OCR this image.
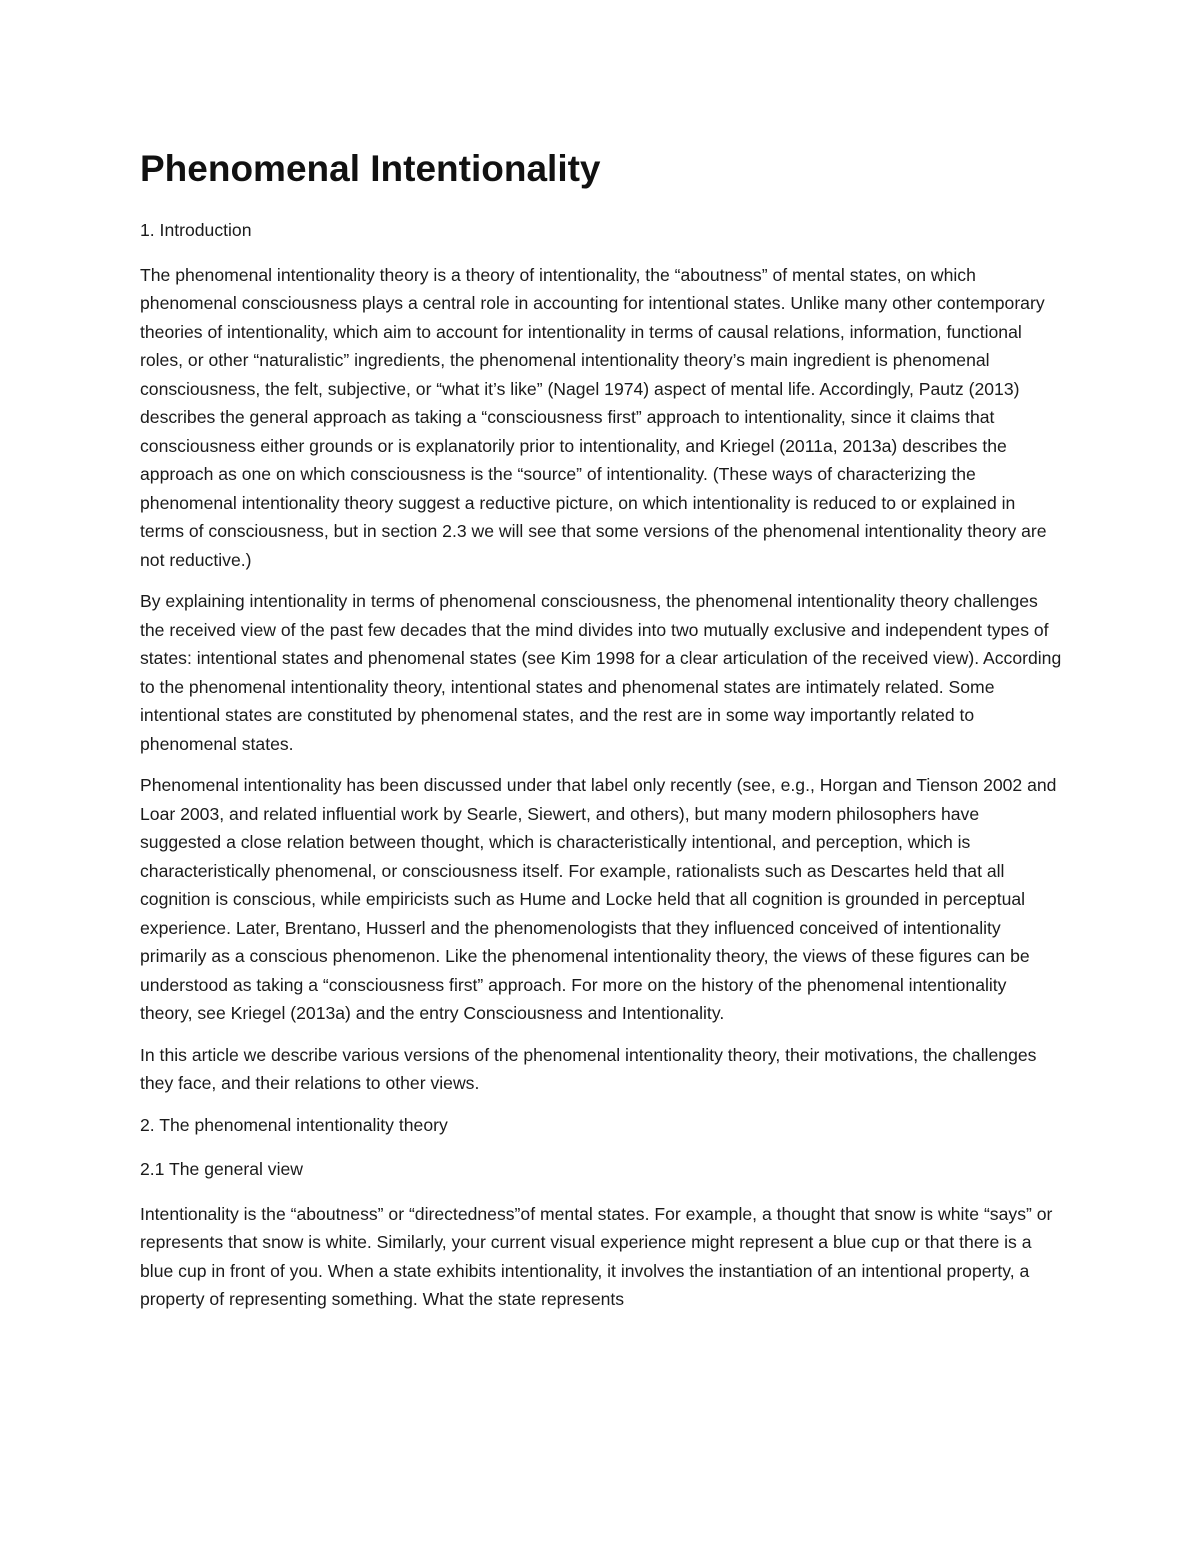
Phenomenal Intentionality
1. Introduction

The phenomenal intentionality theory is a theory of intentionality, the “aboutness” of mental states, on which phenomenal consciousness plays a central role in accounting for intentional states. Unlike many other contemporary theories of intentionality, which aim to account for intentionality in terms of causal relations, information, functional roles, or other “naturalistic” ingredients, the phenomenal intentionality theory’s main ingredient is phenomenal consciousness, the felt, subjective, or “what it’s like” (Nagel 1974) aspect of mental life. Accordingly, Pautz (2013) describes the general approach as taking a “consciousness first” approach to intentionality, since it claims that consciousness either grounds or is explanatorily prior to intentionality, and Kriegel (2011a, 2013a) describes the approach as one on which consciousness is the “source” of intentionality. (These ways of characterizing the phenomenal intentionality theory suggest a reductive picture, on which intentionality is reduced to or explained in terms of consciousness, but in section 2.3 we will see that some versions of the phenomenal intentionality theory are not reductive.)

By explaining intentionality in terms of phenomenal consciousness, the phenomenal intentionality theory challenges the received view of the past few decades that the mind divides into two mutually exclusive and independent types of states: intentional states and phenomenal states (see Kim 1998 for a clear articulation of the received view). According to the phenomenal intentionality theory, intentional states and phenomenal states are intimately related. Some intentional states are constituted by phenomenal states, and the rest are in some way importantly related to phenomenal states.

Phenomenal intentionality has been discussed under that label only recently (see, e.g., Horgan and Tienson 2002 and Loar 2003, and related influential work by Searle, Siewert, and others), but many modern philosophers have suggested a close relation between thought, which is characteristically intentional, and perception, which is characteristically phenomenal, or consciousness itself. For example, rationalists such as Descartes held that all cognition is conscious, while empiricists such as Hume and Locke held that all cognition is grounded in perceptual experience. Later, Brentano, Husserl and the phenomenologists that they influenced conceived of intentionality primarily as a conscious phenomenon. Like the phenomenal intentionality theory, the views of these figures can be understood as taking a “consciousness first” approach. For more on the history of the phenomenal intentionality theory, see Kriegel (2013a) and the entry Consciousness and Intentionality.

In this article we describe various versions of the phenomenal intentionality theory, their motivations, the challenges they face, and their relations to other views.

2. The phenomenal intentionality theory
2.1 The general view

Intentionality is the “aboutness” or “directedness”of mental states. For example, a thought that snow is white “says” or represents that snow is white. Similarly, your current visual experience might represent a blue cup or that there is a blue cup in front of you. When a state exhibits intentionality, it involves the instantiation of an intentional property, a property of representing something. What the state represents
